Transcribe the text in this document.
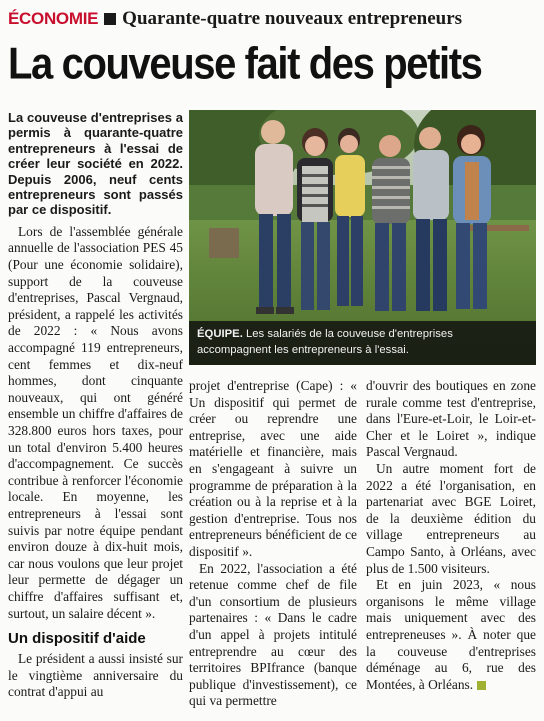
ÉCONOMIE Quarante-quatre nouveaux entrepreneurs
La couveuse fait des petits

La couveuse d'entreprises a permis à quarante-quatre entrepreneurs à l'essai de créer leur société en 2022. Depuis 2006, neuf cents entrepreneurs sont passés par ce dispositif.

Lors de l'assemblée générale annuelle de l'association PES 45 (Pour une économie solidaire), support de la couveuse d'entreprises, Pascal Vergnaud, président, a rappelé les activités de 2022 : « Nous avons accompagné 119 entrepreneurs, cent femmes et dix-neuf hommes, dont cinquante nouveaux, qui ont généré ensemble un chiffre d'affaires de 328.800 euros hors taxes, pour un total d'environ 5.400 heures d'accompagnement. Ce succès contribue à renforcer l'économie locale. En moyenne, les entrepreneurs à l'essai sont suivis par notre équipe pendant environ douze à dix-huit mois, car nous voulons que leur projet leur permette de dégager un chiffre d'affaires suffisant et, surtout, un salaire décent ».

Un dispositif d'aide

Le président a aussi insisté sur le vingtième anniversaire du contrat d'appui au

ÉQUIPE. Les salariés de la couveuse d'entreprises accompagnent les entrepreneurs à l'essai.

projet d'entreprise (Cape) : « Un dispositif qui permet de créer ou reprendre une entreprise, avec une aide matérielle et financière, mais en s'engageant à suivre un programme de préparation à la création ou à la reprise et à la gestion d'entreprise. Tous nos entrepreneurs bénéficient de ce dispositif ».

En 2022, l'association a été retenue comme chef de file d'un consortium de plusieurs partenaires : « Dans le cadre d'un appel à projets intitulé entreprendre au cœur des territoires BPIfrance (banque publique d'investissement), ce qui va permettre

d'ouvrir des boutiques en zone rurale comme test d'entreprise, dans l'Eure-et-Loir, le Loir-et-Cher et le Loiret », indique Pascal Vergnaud.

Un autre moment fort de 2022 a été l'organisation, en partenariat avec BGE Loiret, de la deuxième édition du village entrepreneurs au Campo Santo, à Orléans, avec plus de 1.500 visiteurs.

Et en juin 2023, « nous organisons le même village mais uniquement avec des entrepreneuses ». À noter que la couveuse d'entreprises déménage au 6, rue des Montées, à Orléans.
